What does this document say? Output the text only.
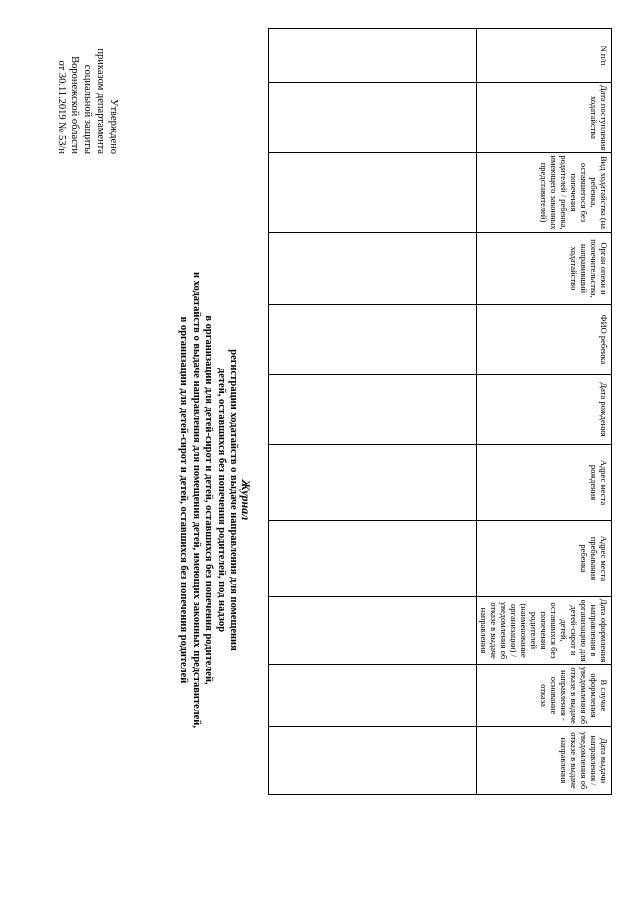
Утверждено
приказом департамента
социальной защиты
Воронежской области
от 30.11.2019 № 53/н
Журнал
регистрации ходатайств о выдаче направления для помещения
детей, оставшихся без попечения родителей, под надзор
в организации для детей-сирот и детей, оставшихся без попечения родителей,
и ходатайств о выдаче направления для помещения детей, имеющих законных представителей,
в организации для детей-сирот и детей, оставшихся без попечения родителей
N п/п	Дата поступления ходатайства	Вид ходатайства (на ребенка, оставшегося без попечения родителей / ребенка, имеющего законных представителей)	Орган опеки и попечительства, направивший ходатайство	ФИО ребенка	Дата рождения	Адрес места рождения	Адрес места пребывания ребенка	Дата оформления направления в организацию для детей-сирот и детей, оставшихся без попечения родителей (наименование организации) / уведомления об отказе в выдаче направления	В случае оформления уведомления об отказе в выдаче направления - основание отказа	Дата выдачи направления / уведомления об отказе в выдаче направления
